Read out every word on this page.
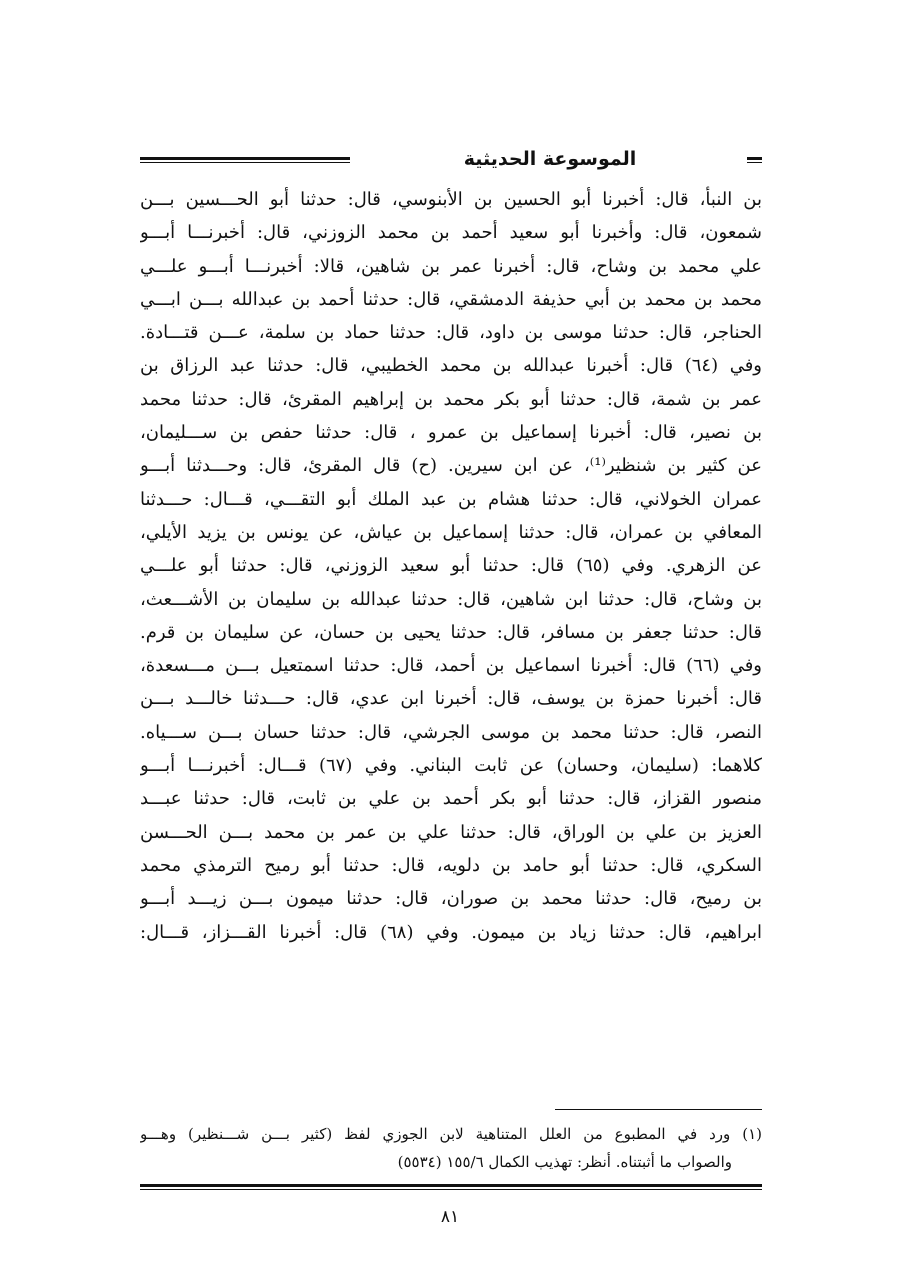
الموسوعة الحديثية
بن النبأ، قال: أخبرنا أبو الحسين بن الأبنوسي، قال: حدثنا أبو الحـــسين بـــن
شمعون، قال: وأخبرنا أبو سعيد أحمد بن محمد الزوزني، قال: أخبرنـــا أبـــو
علي محمد بن وشاح، قال: أخبرنا عمر بن شاهين، قالا: أخبرنـــا أبـــو علـــي
محمد بن محمد بن أبي حذيفة الدمشقي، قال: حدثنا أحمد بن عبدالله بـــن ابـــي
الحناجر، قال: حدثنا موسى بن داود، قال: حدثنا حماد بن سلمة، عـــن قتـــادة.
وفي (٦٤) قال: أخبرنا عبدالله بن محمد الخطيبي، قال: حدثنا عبد الرزاق بن
عمر بن شمة، قال: حدثنا أبو بكر محمد بن إبراهيم المقرئ، قال: حدثنا محمد
بن نصير، قال: أخبرنا إسماعيل بن عمرو ، قال: حدثنا حفص بن ســـليمان،
عن كثير بن شنظير⁽¹⁾، عن ابن سيرين. (ح) قال المقرئ، قال: وحـــدثنا أبـــو
عمران الخولاني، قال: حدثنا هشام بن عبد الملك أبو التقـــي، قـــال: حـــدثنا
المعافي بن عمران، قال: حدثنا إسماعيل بن عياش، عن يونس بن يزيد الأيلي،
عن الزهري. وفي (٦٥) قال: حدثنا أبو سعيد الزوزني، قال: حدثنا أبو علـــي
بن وشاح، قال: حدثنا ابن شاهين، قال: حدثنا عبدالله بن سليمان بن الأشـــعث،
قال: حدثنا جعفر بن مسافر، قال: حدثنا يحيى بن حسان، عن سليمان بن قرم.
وفي (٦٦) قال: أخبرنا اسماعيل بن أحمد، قال: حدثنا اسمتعيل بـــن مـــسعدة،
قال: أخبرنا حمزة بن يوسف، قال: أخبرنا ابن عدي، قال: حـــدثنا خالـــد بـــن
النصر، قال: حدثنا محمد بن موسى الجرشي، قال: حدثنا حسان بـــن ســـياه.
كلاهما: (سليمان، وحسان) عن ثابت البناني. وفي (٦٧) قـــال: أخبرنـــا أبـــو
منصور القزاز، قال: حدثنا أبو بكر أحمد بن علي بن ثابت، قال: حدثنا عبـــد
العزيز بن علي بن الوراق، قال: حدثنا علي بن عمر بن محمد بـــن الحـــسن
السكري، قال: حدثنا أبو حامد بن دلويه، قال: حدثنا أبو رميح الترمذي محمد
بن رميح، قال: حدثنا محمد بن صوران، قال: حدثنا ميمون بـــن زيـــد أبـــو
ابراهيم، قال: حدثنا زياد بن ميمون. وفي (٦٨) قال: أخبرنا القـــزاز، قـــال:
(١) ورد في المطبوع من العلل المتناهية لابن الجوزي لفظ (كثير بـــن شـــنظير) وهـــو
والصواب ما أثبتناه. أنظر: تهذيب الكمال ١٥٥/٦ (٥٥٣٤)
٨١
